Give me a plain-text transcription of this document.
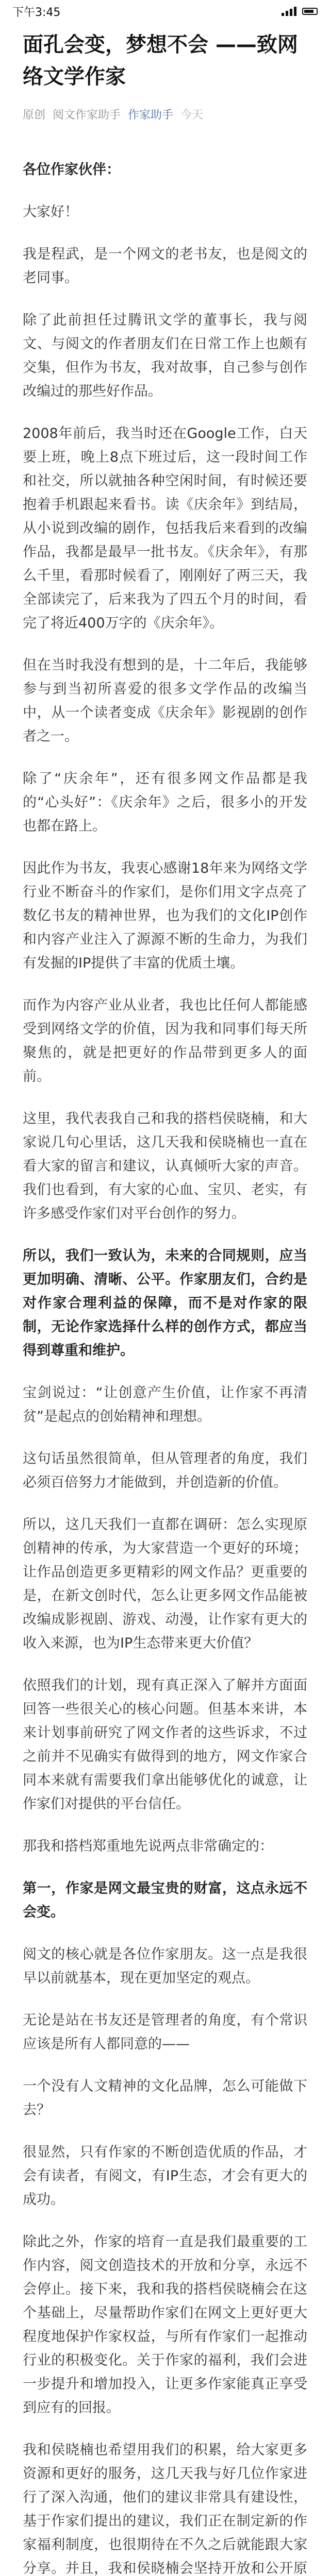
下午3:45
面孔会变，梦想不会 ——致网络文学作家
原创 阅文作家助手 作家助手 今天

各位作家伙伴：

大家好！

我是程武，是一个网文的老书友，也是阅文的老同事。

除了此前担任过腾讯文学的董事长，我与阅文、与阅文的作者朋友们在日常工作上也颇有交集，但作为书友，我对故事，自己参与创作改编过的那些好作品。

2008年前后，我当时还在Google工作，白天要上班，晚上8点下班过后，这一段时间工作和社交，所以就抽各种空闲时间，有时候还要抱着手机跟起来看书。读《庆余年》到结局，从小说到改编的剧作，包括我后来看到的改编作品，我都是最早一批书友。《庆余年》，有那么千里，看那时候看了，刚刚好了两三天，我全部读完了，后来我为了四五个月的时间，看完了将近400万字的《庆余年》。

但在当时我没有想到的是，十二年后，我能够参与到当初所喜爱的很多文学作品的改编当中，从一个读者变成《庆余年》影视剧的创作者之一。

除了“庆余年”，还有很多网文作品都是我的“心头好”：《庆余年》之后，很多小的开发也都在路上。

因此作为书友，我衷心感谢18年来为网络文学行业不断奋斗的作家们，是你们用文字点亮了数亿书友的精神世界，也为我们的文化IP创作和内容产业注入了源源不断的生命力，为我们有发掘的IP提供了丰富的优质土壤。

而作为内容产业从业者，我也比任何人都能感受到网络文学的价值，因为我和同事们每天所聚焦的，就是把更好的作品带到更多人的面前。

这里，我代表我自己和我的搭档侯晓楠，和大家说几句心里话，这几天我和侯晓楠也一直在看大家的留言和建议，认真倾听大家的声音。我们也看到，有大家的心血、宝贝、老实，有许多感受作家们对平台创作的努力。

所以，我们一致认为，未来的合同规则，应当更加明确、清晰、公平。作家朋友们，合约是对作家合理利益的保障，而不是对作家的限制，无论作家选择什么样的创作方式，都应当得到尊重和维护。

宝剑说过：“让创意产生价值，让作家不再清贫”是起点的创始精神和理想。

这句话虽然很简单，但从管理者的角度，我们必须百倍努力才能做到，并创造新的价值。

所以，这几天我们一直都在调研：怎么实现原创精神的传承，为大家营造一个更好的环境；让作品创造更多更精彩的网文作品？更重要的是，在新文创时代，怎么让更多网文作品能被改编成影视剧、游戏、动漫，让作家有更大的收入来源，也为IP生态带来更大价值？

依照我们的计划，现有真正深入了解并方面面回答一些很关心的核心问题。但基本来讲，本来计划事前研究了网文作者的这些诉求，不过之前并不见确实有做得到的地方，网文作家合同本来就有需要我们拿出能够优化的诚意，让作家们对提供的平台信任。

那我和搭档郑重地先说两点非常确定的：

第一，作家是网文最宝贵的财富，这点永远不会变。

阅文的核心就是各位作家朋友。这一点是我很早以前就基本，现在更加坚定的观点。

无论是站在书友还是管理者的角度，有个常识应该是所有人都同意的——

一个没有人文精神的文化品牌，怎么可能做下去？

很显然，只有作家的不断创造优质的作品，才会有读者，有阅文，有IP生态，才会有更大的成功。

除此之外，作家的培育一直是我们最重要的工作内容，阅文创造技术的开放和分享，永远不会停止。接下来，我和我的搭档侯晓楠会在这个基础上，尽量帮助作家们在网文上更好更大程度地保护作家权益，与所有作家们一起推动行业的积极变化。关于作家的福利，我们会进一步提升和增加投入，让更多作家能真正享受到应有的回报。

我和侯晓楠也希望用我们的积累，给大家更多资源和更好的服务，这几天我与好几位作家进行了深入沟通，他们的建议非常具有建设性，基于作家们提出的建议，我们正在制定新的作家福利制度，也很期待在不久之后就能跟大家分享。并且，我和侯晓楠会坚持开放和公开原
